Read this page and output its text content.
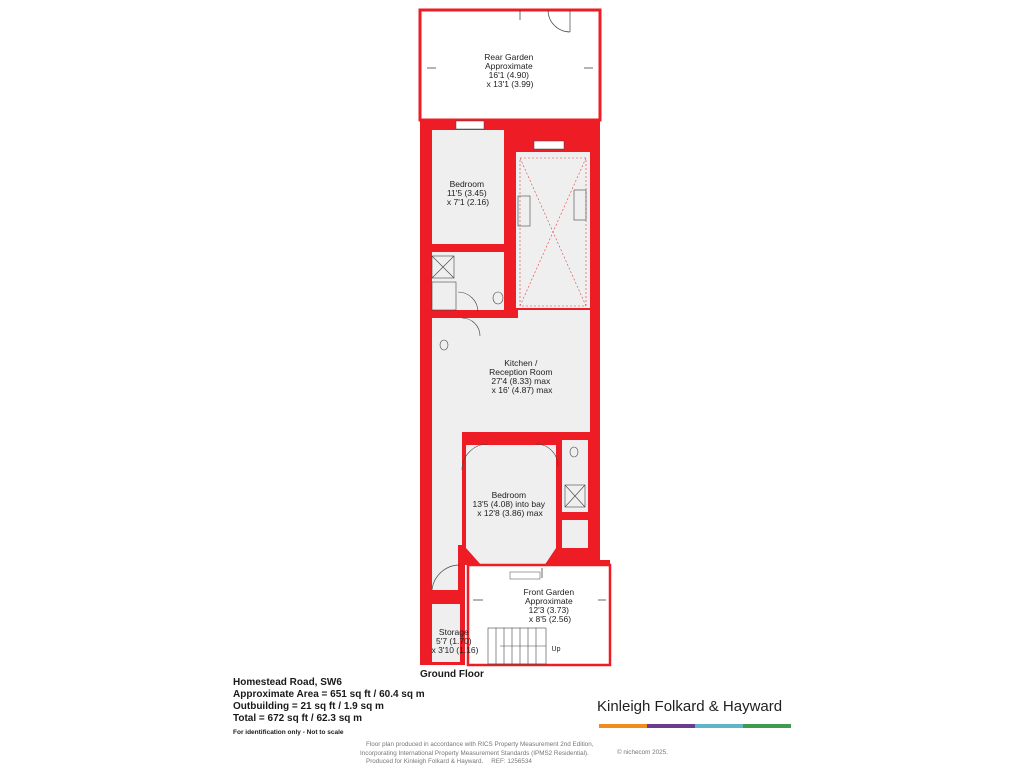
Rear Garden Approximate 16'1 (4.90) x 13'1 (3.99)
Bedroom 11'5 (3.45) x 7'1 (2.16)
Kitchen / Reception Room 27'4 (8.33) max x 16' (4.87) max
Bedroom 13'5 (4.08) into bay x 12'8 (3.86) max
Front Garden Approximate 12'3 (3.73) x 8'5 (2.56)
Storage 5'7 (1.70) x 3'10 (1.16)	Up
Ground Floor
Homestead Road, SW6
Approximate Area = 651 sq ft / 60.4 sq m
Outbuilding = 21 sq ft / 1.9 sq m
Total = 672 sq ft / 62.3 sq m
For identification only - Not to scale
Kinleigh Folkard & Hayward
Floor plan produced in accordance with RICS Property Measurement 2nd Edition,
Incorporating International Property Measurement Standards (IPMS2 Residential).
Produced for Kinleigh Folkard & Hayward. REF: 1256534
© nichecom 2025.
